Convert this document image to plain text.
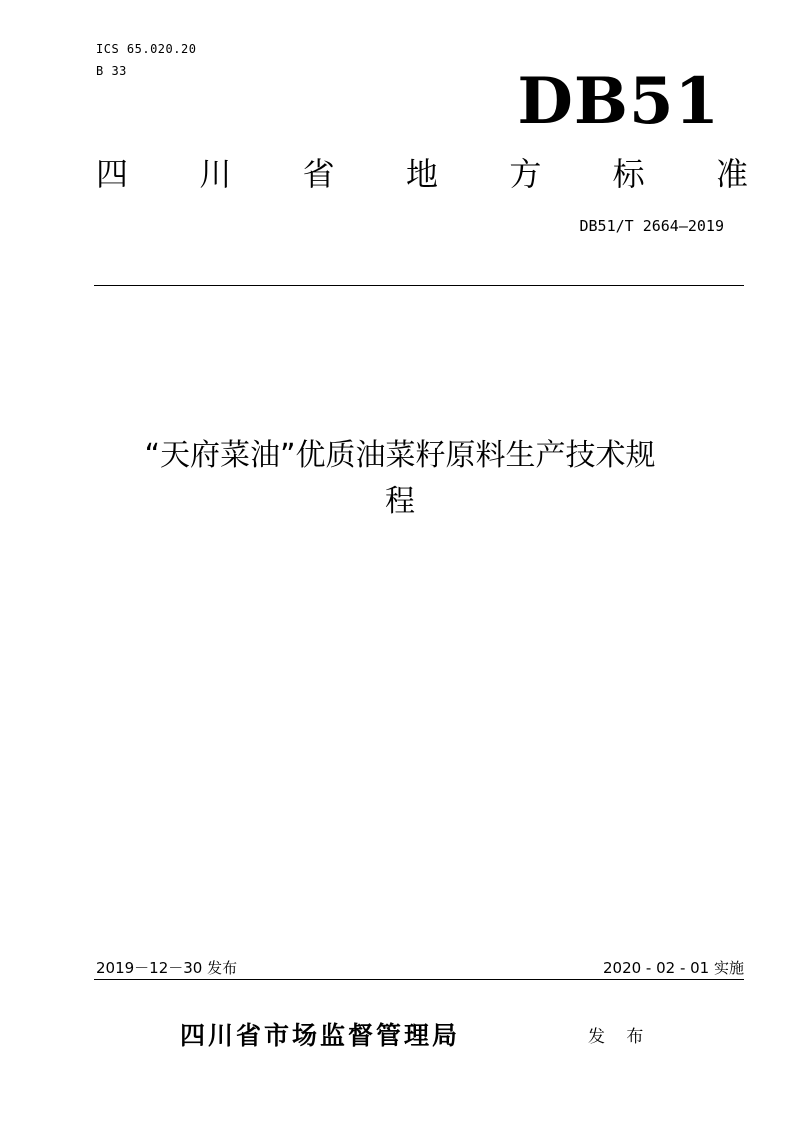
ICS 65.020.20
B 33	DB51
四 川 省 地 方 标 准
DB51/T 2664—2019
“天府菜油”优质油菜籽原料生产技术规
程
2019－12－30 发布	2020 - 02 - 01 实施
四川省市场监督管理局	发 布
